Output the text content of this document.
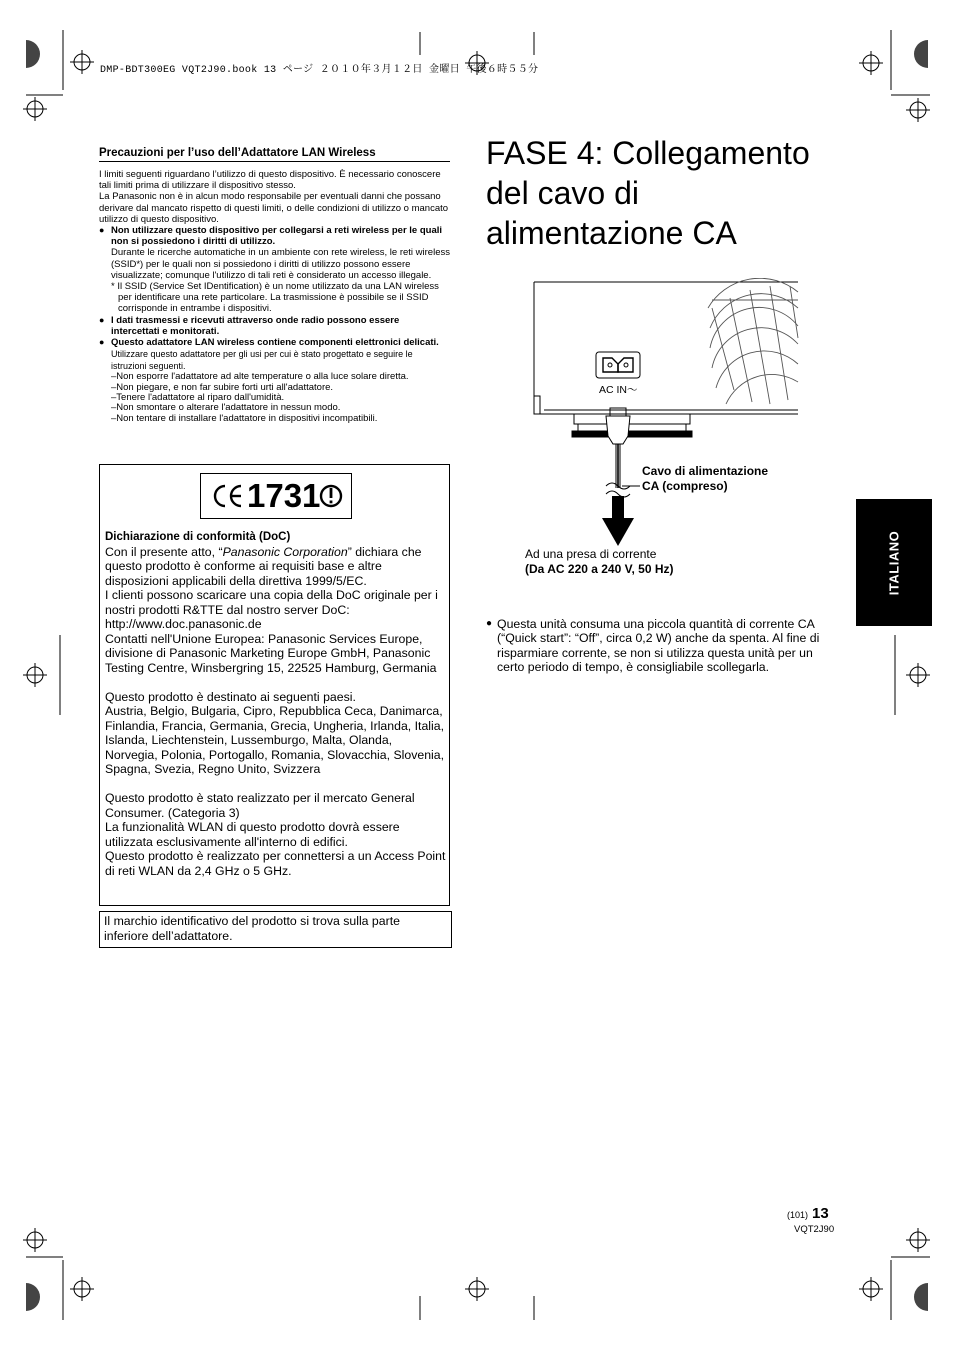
DMP-BDT300EG VQT2J90.book 13 ページ ２０１０年３月１２日 金曜日 午後６時５５分
Precauzioni per l’uso dell’Adattatore LAN Wireless

I limiti seguenti riguardano l’utilizzo di questo dispositivo. È necessario conoscere tali limiti prima di utilizzare il dispositivo stesso.

La Panasonic non è in alcun modo responsabile per eventuali danni che possano derivare dal mancato rispetto di questi limiti, o delle condizioni di utilizzo o mancato utilizzo di questo dispositivo.

● Non utilizzare questo dispositivo per collegarsi a reti wireless per le quali non si possiedono i diritti di utilizzo.
Durante le ricerche automatiche in un ambiente con rete wireless, le reti wireless (SSID*) per le quali non si possiedono i diritti di utilizzo possono essere visualizzate; comunque l'utilizzo di tali reti è considerato un accesso illegale.
* Il SSID (Service Set IDentification) è un nome utilizzato da una LAN wireless per identificare una rete particolare. La trasmissione è possibile se il SSID corrisponde in entrambe i dispositivi.
● I dati trasmessi e ricevuti attraverso onde radio possono essere intercettati e monitorati.
● Questo adattatore LAN wireless contiene componenti elettronici delicati.
Utilizzare questo adattatore per gli usi per cui è stato progettato e seguire le istruzioni seguenti.
–Non esporre l'adattatore ad alte temperature o alla luce solare diretta.
–Non piegare, e non far subire forti urti all'adattatore.
–Tenere l'adattatore al riparo dall'umidità.
–Non smontare o alterare l'adattatore in nessun modo.
–Non tentare di installare l'adattatore in dispositivi incompatibili.
1731

Dichiarazione di conformità (DoC)

Con il presente atto, “Panasonic Corporation” dichiara che questo prodotto è conforme ai requisiti base e altre disposizioni applicabili della direttiva 1999/5/EC.

I clienti possono scaricare una copia della DoC originale per i nostri prodotti R&TTE dal nostro server DoC:

http://www.doc.panasonic.de

Contatti nell'Unione Europea: Panasonic Services Europe, divisione di Panasonic Marketing Europe GmbH, Panasonic Testing Centre, Winsbergring 15, 22525 Hamburg, Germania

Questo prodotto è destinato ai seguenti paesi.

Austria, Belgio, Bulgaria, Cipro, Repubblica Ceca, Danimarca, Finlandia, Francia, Germania, Grecia, Ungheria, Irlanda, Italia, Islanda, Liechtenstein, Lussemburgo, Malta, Olanda, Norvegia, Polonia, Portogallo, Romania, Slovacchia, Slovenia, Spagna, Svezia, Regno Unito, Svizzera

Questo prodotto è stato realizzato per il mercato General Consumer. (Categoria 3)

La funzionalità WLAN di questo prodotto dovrà essere utilizzata esclusivamente all'interno di edifici.

Questo prodotto è realizzato per connettersi a un Access Point di reti WLAN da 2,4 GHz o 5 GHz.

Il marchio identificativo del prodotto si trova sulla parte inferiore dell’adattatore.
FASE 4: Collegamento
del cavo di
alimentazione CA
AC IN～
Cavo di alimentazione
CA (compreso)
Ad una presa di corrente
(Da AC 220 a 240 V, 50 Hz)
● Questa unità consuma una piccola quantità di corrente CA (“Quick start”: “Off”, circa 0,2 W) anche da spenta. Al fine di risparmiare corrente, se non si utilizza questa unità per un certo periodo di tempo, è consigliabile scollegarla.
ITALIANO
(101) 13
VQT2J90
